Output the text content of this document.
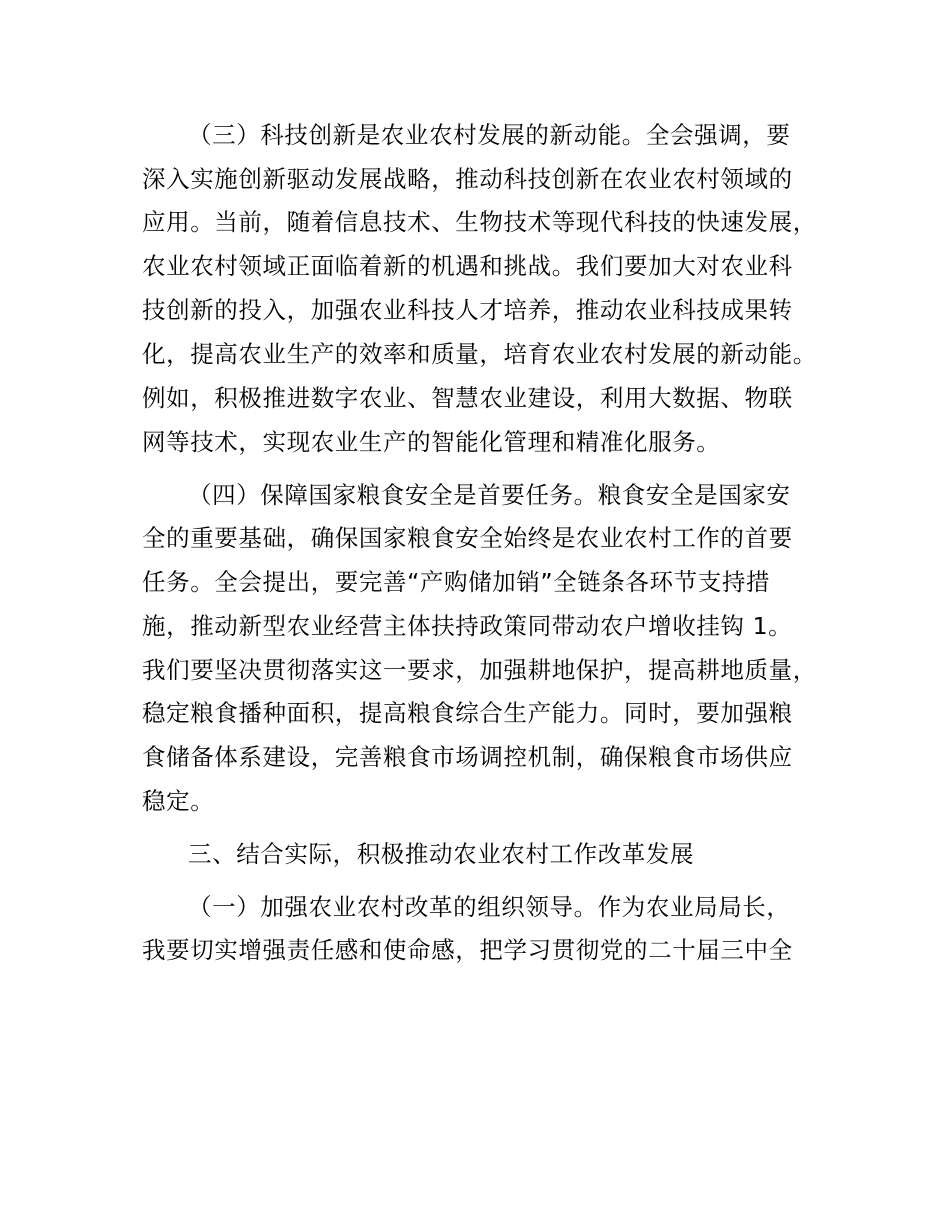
（三）科技创新是农业农村发展的新动能。全会强调，要

深入实施创新驱动发展战略，推动科技创新在农业农村领域的

应用。当前，随着信息技术、生物技术等现代科技的快速发展，

农业农村领域正面临着新的机遇和挑战。我们要加大对农业科

技创新的投入，加强农业科技人才培养，推动农业科技成果转

化，提高农业生产的效率和质量，培育农业农村发展的新动能。

例如，积极推进数字农业、智慧农业建设，利用大数据、物联

网等技术，实现农业生产的智能化管理和精准化服务。

（四）保障国家粮食安全是首要任务。粮食安全是国家安

全的重要基础，确保国家粮食安全始终是农业农村工作的首要

任务。全会提出，要完善“产购储加销”全链条各环节支持措

施，推动新型农业经营主体扶持政策同带动农户增收挂钩 1。

我们要坚决贯彻落实这一要求，加强耕地保护，提高耕地质量，

稳定粮食播种面积，提高粮食综合生产能力。同时，要加强粮

食储备体系建设，完善粮食市场调控机制，确保粮食市场供应

稳定。

三、结合实际，积极推动农业农村工作改革发展

（一）加强农业农村改革的组织领导。作为农业局局长，

我要切实增强责任感和使命感，把学习贯彻党的二十届三中全
